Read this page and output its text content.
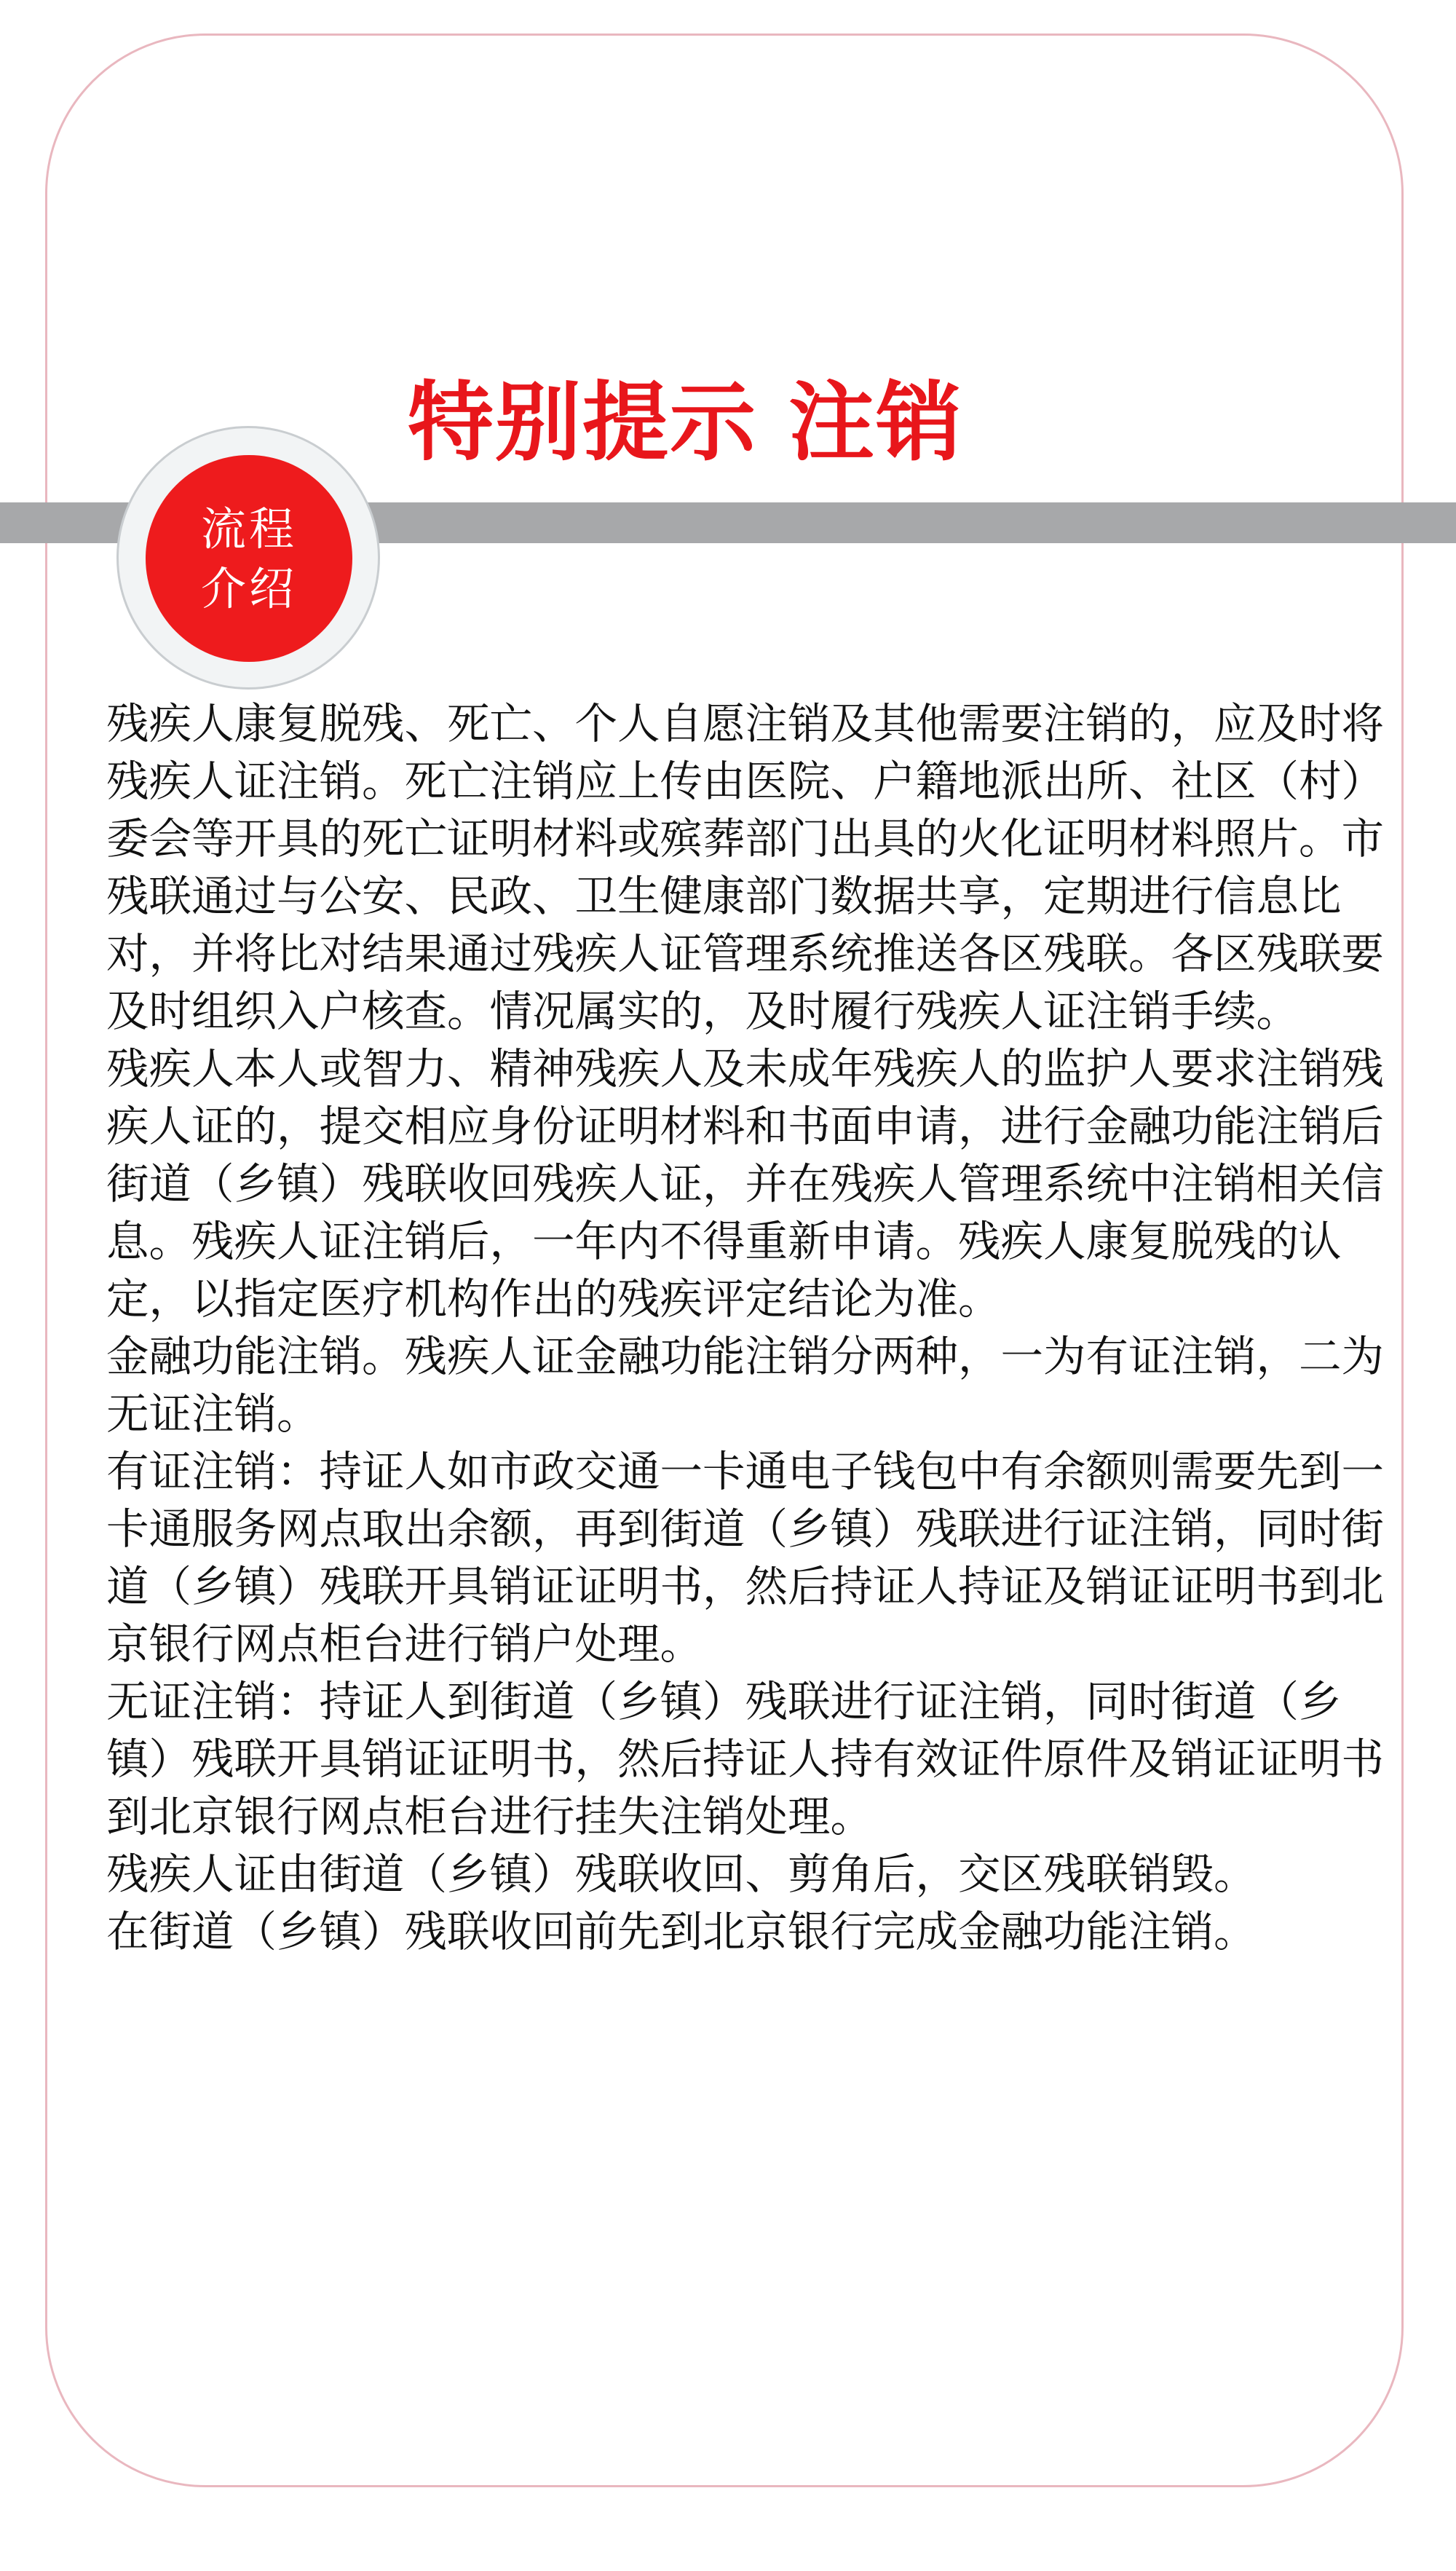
特别提示 注销
流程
介绍

残疾人康复脱残、死亡、个人自愿注销及其他需要注销的，应及时将残疾人证注销。死亡注销应上传由医院、户籍地派出所、社区（村）委会等开具的死亡证明材料或殡葬部门出具的火化证明材料照片。市残联通过与公安、民政、卫生健康部门数据共享，定期进行信息比对，并将比对结果通过残疾人证管理系统推送各区残联。各区残联要及时组织入户核查。情况属实的，及时履行残疾人证注销手续。

残疾人本人或智力、精神残疾人及未成年残疾人的监护人要求注销残疾人证的，提交相应身份证明材料和书面申请，进行金融功能注销后街道（乡镇）残联收回残疾人证，并在残疾人管理系统中注销相关信息。残疾人证注销后，一年内不得重新申请。残疾人康复脱残的认定，以指定医疗机构作出的残疾评定结论为准。

金融功能注销。残疾人证金融功能注销分两种，一为有证注销，二为无证注销。

有证注销：持证人如市政交通一卡通电子钱包中有余额则需要先到一卡通服务网点取出余额，再到街道（乡镇）残联进行证注销，同时街道（乡镇）残联开具销证证明书，然后持证人持证及销证证明书到北京银行网点柜台进行销户处理。

无证注销：持证人到街道（乡镇）残联进行证注销，同时街道（乡镇）残联开具销证证明书，然后持证人持有效证件原件及销证证明书到北京银行网点柜台进行挂失注销处理。

残疾人证由街道（乡镇）残联收回、剪角后，交区残联销毁。

在街道（乡镇）残联收回前先到北京银行完成金融功能注销。
